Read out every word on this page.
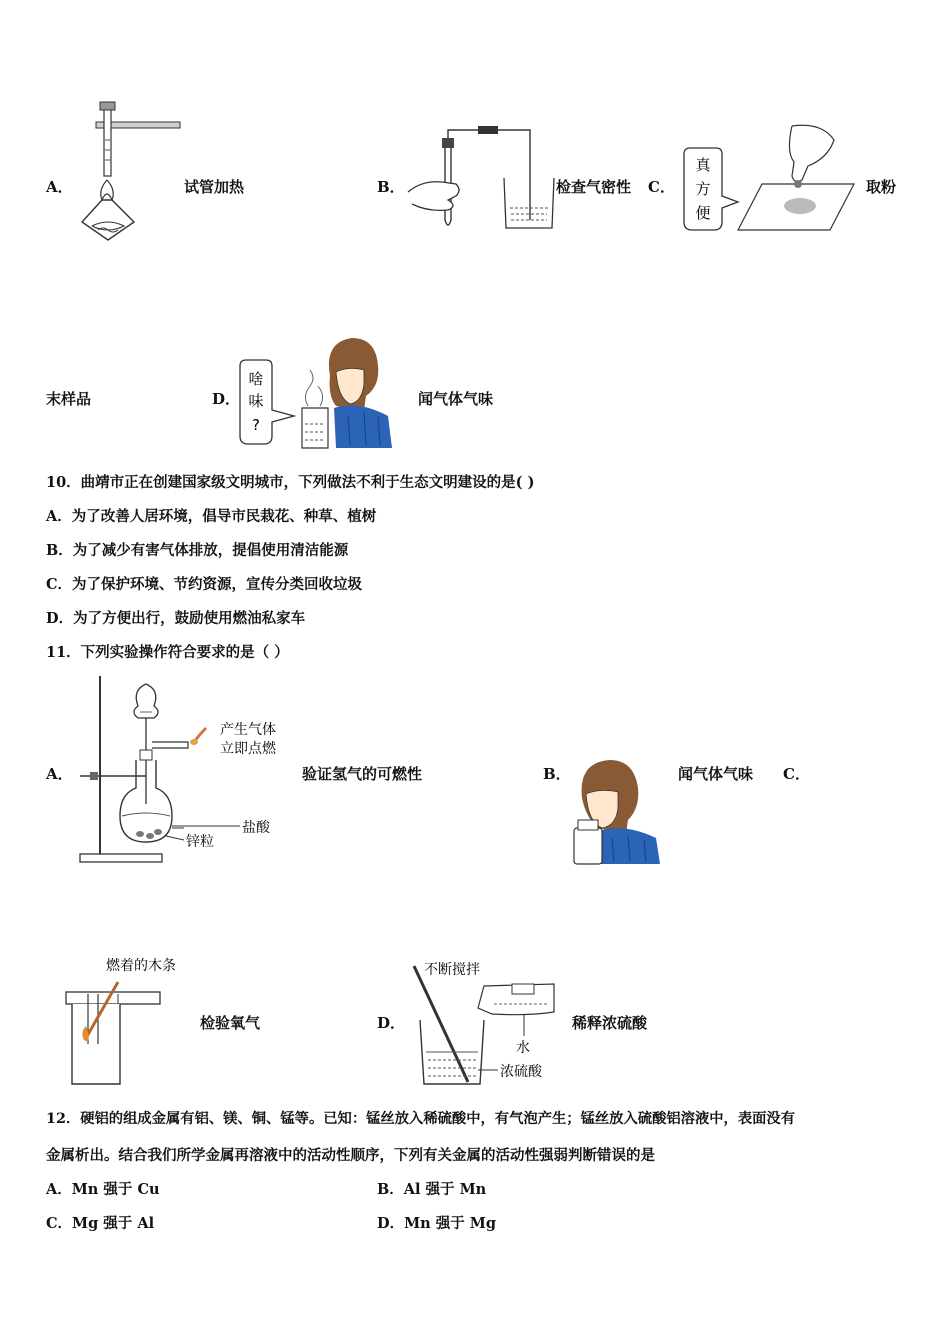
A．	试管加热	B．	检查气密性 C．
真
方
便
取粉
末样品	D．
啥
味
?
闻气体气味
10．曲靖市正在创建国家级文明城市，下列做法不利于生态文明建设的是( )
A．为了改善人居环境，倡导市民栽花、种草、植树
B．为了减少有害气体排放，提倡使用清洁能源
C．为了保护环境、节约资源，宣传分类回收垃圾
D．为了方便出行，鼓励使用燃油私家车
11．下列实验操作符合要求的是（ ）
A．
产生气体
立即点燃
盐酸
锌粒
验证氢气的可燃性	B．	闻气体气味 C．
燃着的木条
检验氧气	D．
不断搅拌
水
浓硫酸
稀释浓硫酸
12．硬铝的组成金属有铝、镁、铜、锰等。已知：锰丝放入稀硫酸中，有气泡产生；锰丝放入硫酸铝溶液中，表面没有
金属析出。结合我们所学金属再溶液中的活动性顺序，下列有关金属的活动性强弱判断错误的是
A．Mn 强于 Cu	B．Al 强于 Mn
C．Mg 强于 Al	D．Mn 强于 Mg
